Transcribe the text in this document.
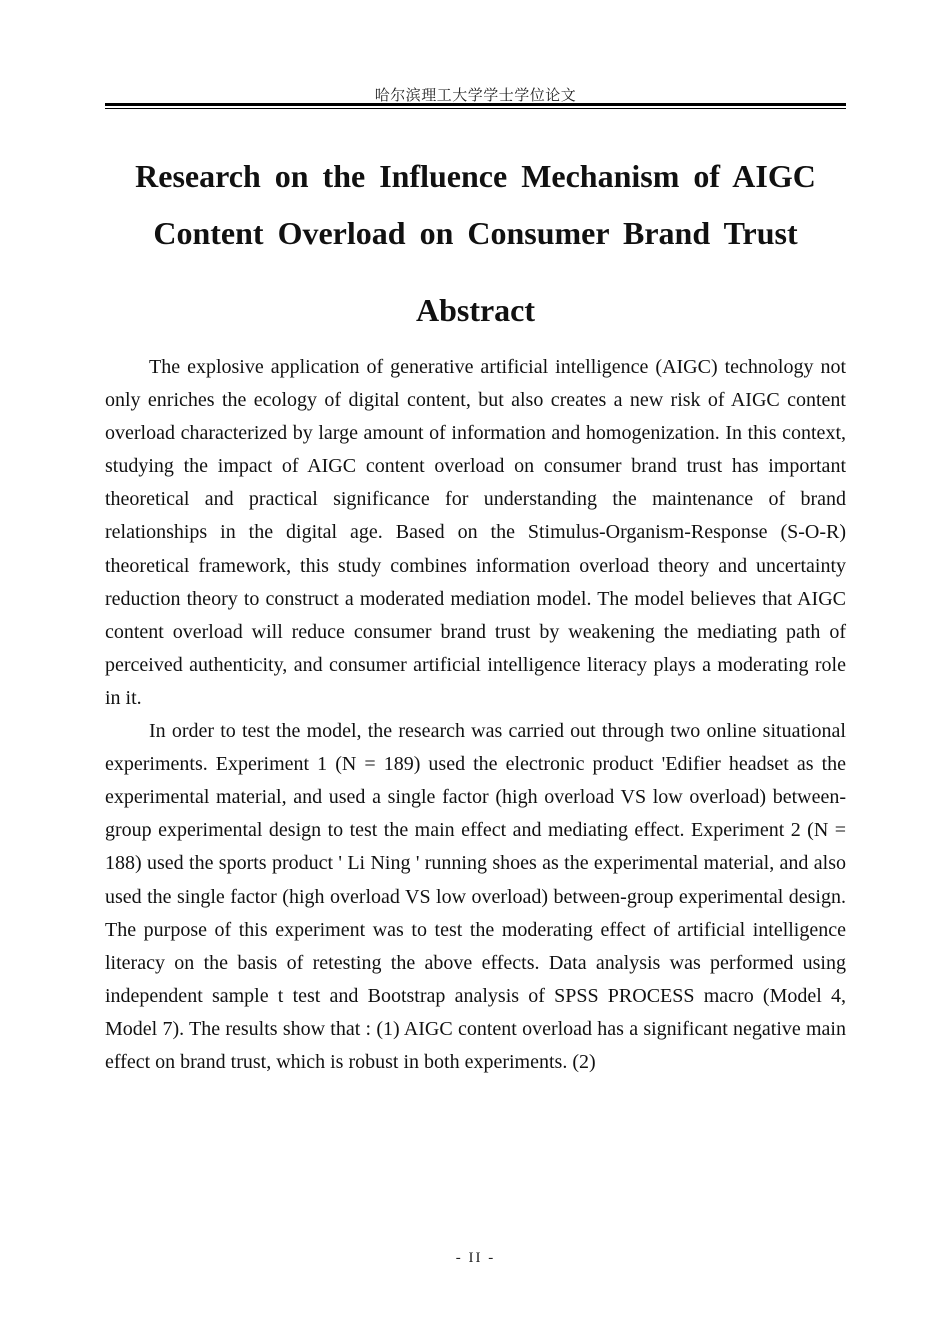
哈尔滨理工大学学士学位论文
Research on the Influence Mechanism of AIGC
Content Overload on Consumer Brand Trust
Abstract

The explosive application of generative artificial intelligence (AIGC) technology not only enriches the ecology of digital content, but also creates a new risk of AIGC content overload characterized by large amount of information and homogenization. In this context, studying the impact of AIGC content overload on consumer brand trust has important theoretical and practical significance for understanding the maintenance of brand relationships in the digital age. Based on the Stimulus-Organism-Response (S-O-R) theoretical framework, this study combines information overload theory and uncertainty reduction theory to construct a moderated mediation model. The model believes that AIGC content overload will reduce consumer brand trust by weakening the mediating path of perceived authenticity, and consumer artificial intelligence literacy plays a moderating role in it.

In order to test the model, the research was carried out through two online situational experiments. Experiment 1 (N = 189) used the electronic product 'Edifier headset as the experimental material, and used a single factor (high overload VS low overload) between-group experimental design to test the main effect and mediating effect. Experiment 2 (N = 188) used the sports product ' Li Ning ' running shoes as the experimental material, and also used the single factor (high overload VS low overload) between-group experimental design. The purpose of this experiment was to test the moderating effect of artificial intelligence literacy on the basis of retesting the above effects. Data analysis was performed using independent sample t test and Bootstrap analysis of SPSS PROCESS macro (Model 4, Model 7). The results show that : (1) AIGC content overload has a significant negative main effect on brand trust, which is robust in both experiments. (2)

- II -
